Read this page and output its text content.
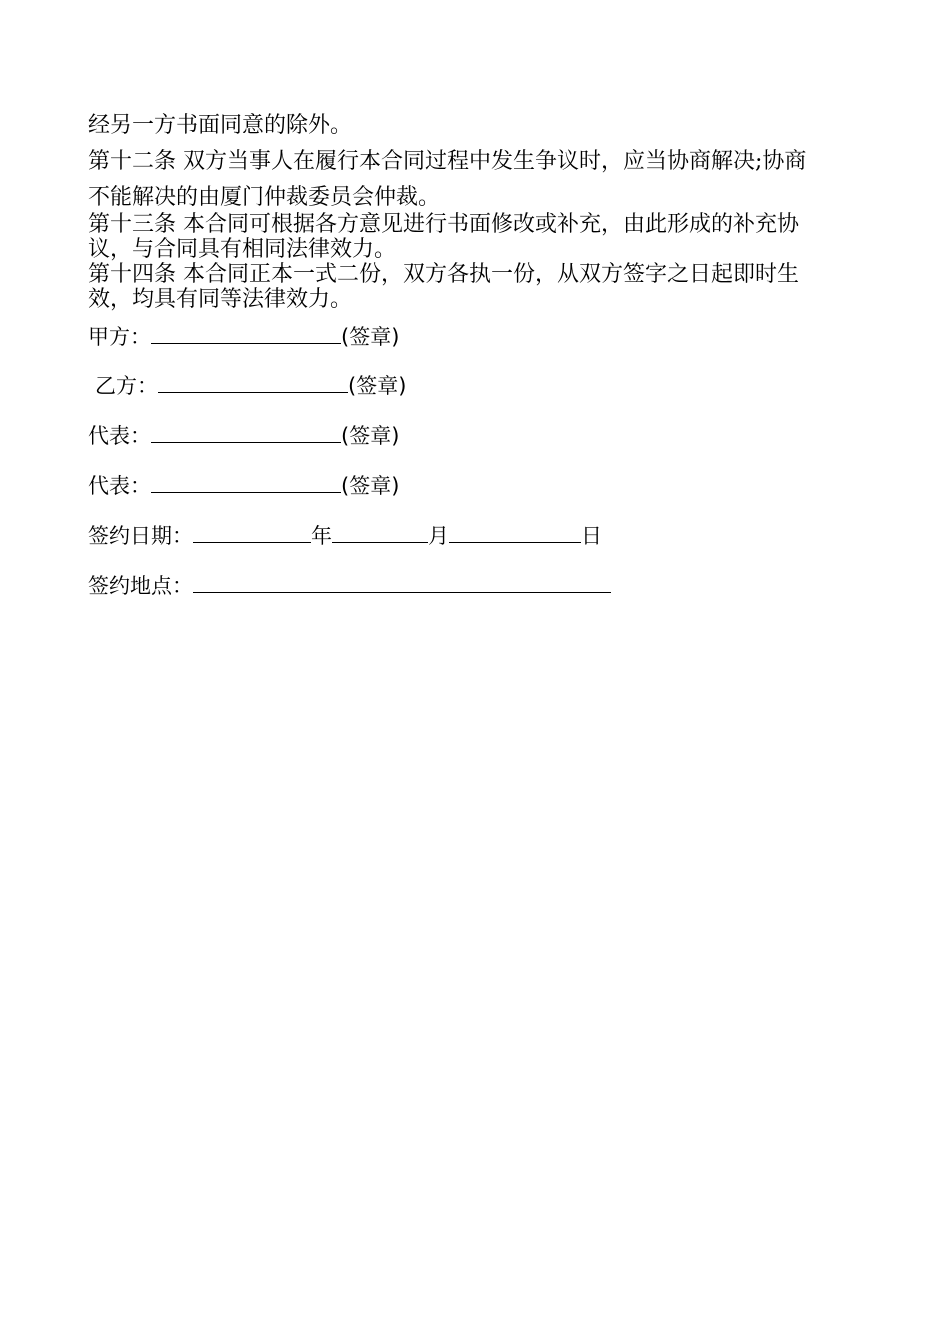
经另一方书面同意的除外。
第十二条 双方当事人在履行本合同过程中发生争议时，应当协商解决;协商
不能解决的由厦门仲裁委员会仲裁。
第十三条 本合同可根据各方意见进行书面修改或补充，由此形成的补充协
议，与合同具有相同法律效力。
第十四条 本合同正本一式二份，双方各执一份，从双方签字之日起即时生
效，均具有同等法律效力。
甲方：	(签章)
乙方：	(签章)
代表：	(签章)
代表：	(签章)
签约日期：	年	月	日
签约地点：
